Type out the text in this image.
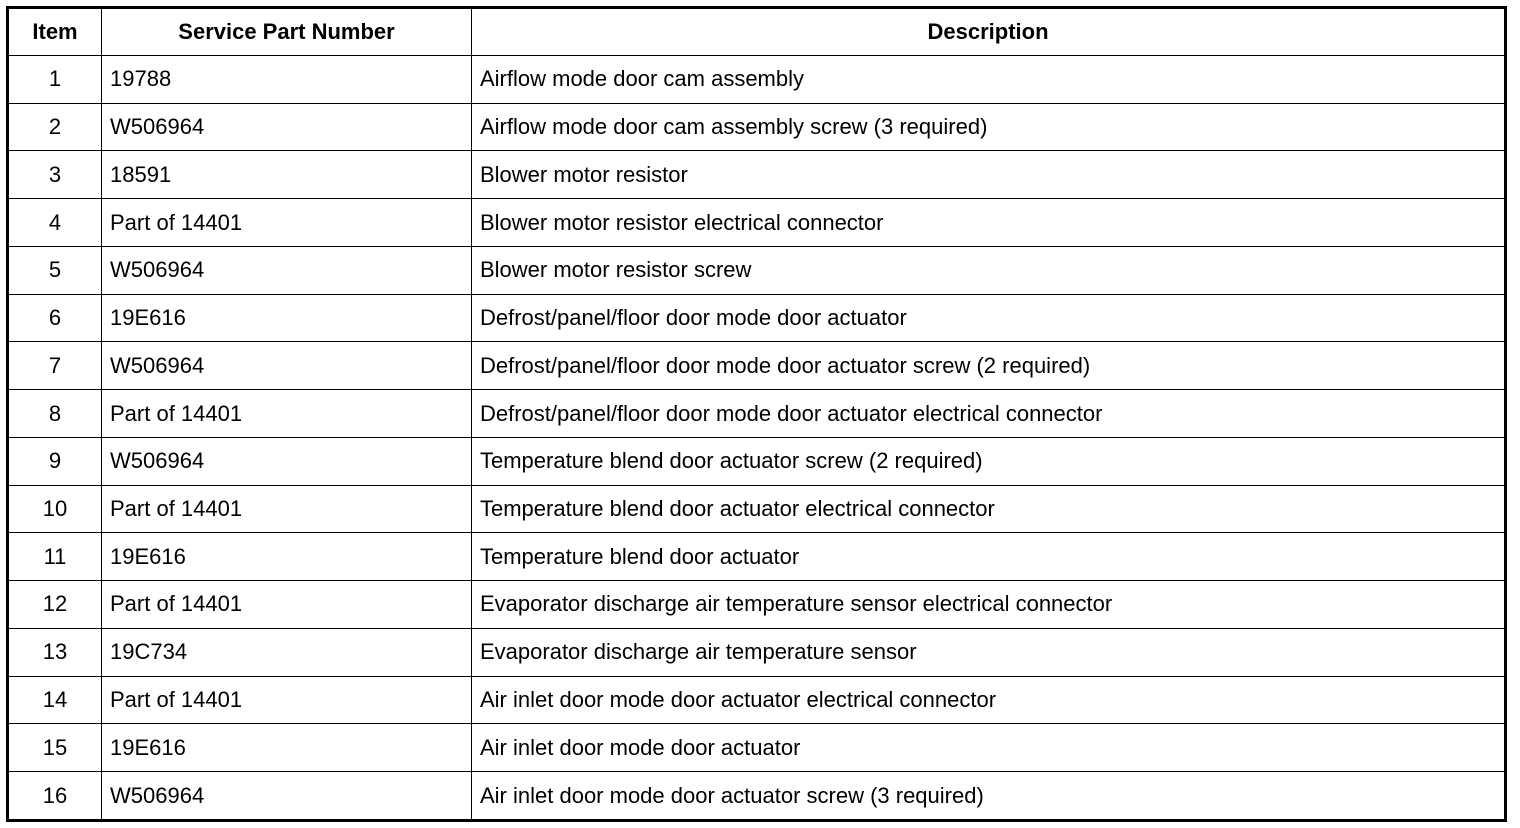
Item	Service Part Number	Description
1	19788	Airflow mode door cam assembly
2	W506964	Airflow mode door cam assembly screw (3 required)
3	18591	Blower motor resistor
4	Part of 14401	Blower motor resistor electrical connector
5	W506964	Blower motor resistor screw
6	19E616	Defrost/panel/floor door mode door actuator
7	W506964	Defrost/panel/floor door mode door actuator screw (2 required)
8	Part of 14401	Defrost/panel/floor door mode door actuator electrical connector
9	W506964	Temperature blend door actuator screw (2 required)
10	Part of 14401	Temperature blend door actuator electrical connector
11	19E616	Temperature blend door actuator
12	Part of 14401	Evaporator discharge air temperature sensor electrical connector
13	19C734	Evaporator discharge air temperature sensor
14	Part of 14401	Air inlet door mode door actuator electrical connector
15	19E616	Air inlet door mode door actuator
16	W506964	Air inlet door mode door actuator screw (3 required)
